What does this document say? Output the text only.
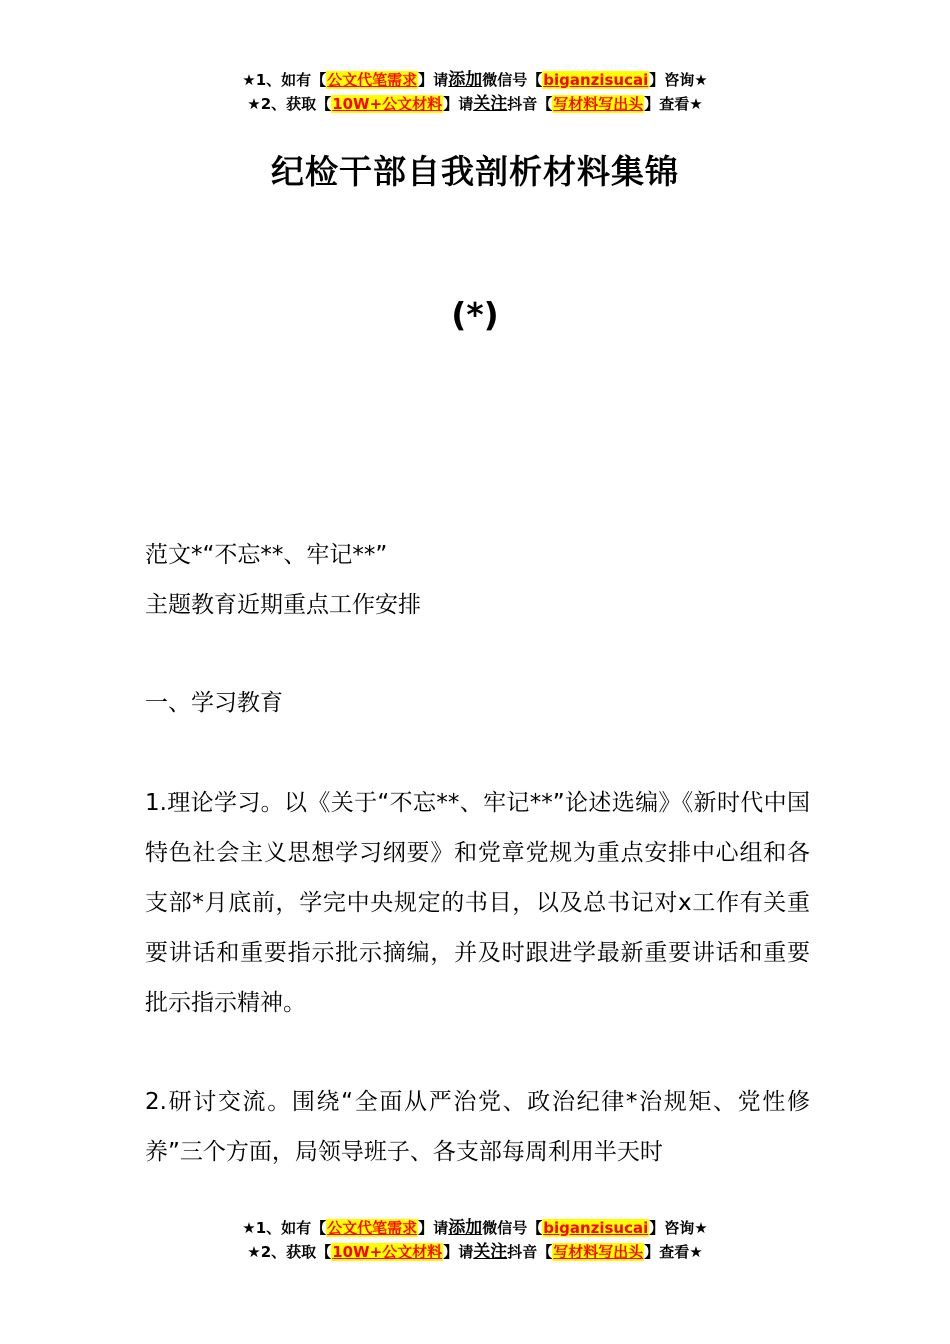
★1、如有【公文代笔需求】请添加微信号【biganzisucai】咨询★
★2、获取【10W+公文材料】请关注抖音【写材料写出头】查看★
纪检干部自我剖析材料集锦
(*)

范文*“不忘**、牢记**”

主题教育近期重点工作安排

一、学习教育

1.理论学习。以《关于“不忘**、牢记**”论述选编》《新时代中国特色社会主义思想学习纲要》和党章党规为重点安排中心组和各支部*月底前，学完中央规定的书目，以及总书记对x工作有关重要讲话和重要指示批示摘编，并及时跟进学最新重要讲话和重要批示指示精神。

2.研讨交流。围绕“全面从严治党、政治纪律*治规矩、党性修养”三个方面，局领导班子、各支部每周利用半天时

★1、如有【公文代笔需求】请添加微信号【biganzisucai】咨询★
★2、获取【10W+公文材料】请关注抖音【写材料写出头】查看★
